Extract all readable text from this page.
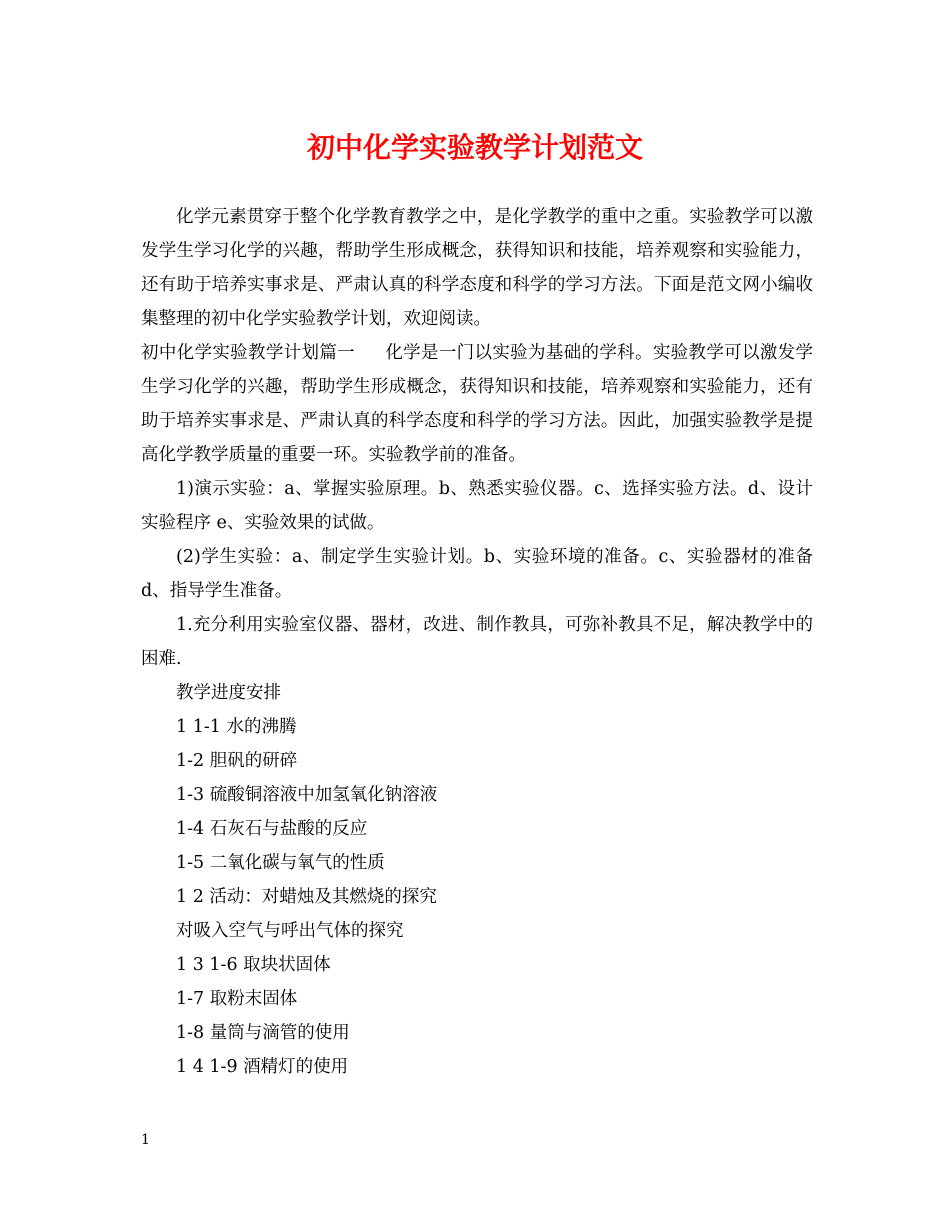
初中化学实验教学计划范文

化学元素贯穿于整个化学教育教学之中，是化学教学的重中之重。实验教学可以激发学生学习化学的兴趣，帮助学生形成概念，获得知识和技能，培养观察和实验能力，还有助于培养实事求是、严肃认真的科学态度和科学的学习方法。下面是范文网小编收集整理的初中化学实验教学计划，欢迎阅读。

初中化学实验教学计划篇一 化学是一门以实验为基础的学科。实验教学可以激发学生学习化学的兴趣，帮助学生形成概念，获得知识和技能，培养观察和实验能力，还有助于培养实事求是、严肃认真的科学态度和科学的学习方法。因此，加强实验教学是提高化学教学质量的重要一环。实验教学前的准备。

1)演示实验：a、掌握实验原理。b、熟悉实验仪器。c、选择实验方法。d、设计实验程序 e、实验效果的试做。

(2)学生实验：a、制定学生实验计划。b、实验环境的准备。c、实验器材的准备 d、指导学生准备。

1.充分利用实验室仪器、器材，改进、制作教具，可弥补教具不足，解决教学中的困难.

教学进度安排

1 1-1 水的沸腾

1-2 胆矾的研碎

1-3 硫酸铜溶液中加氢氧化钠溶液

1-4 石灰石与盐酸的反应

1-5 二氧化碳与氧气的性质

1 2 活动：对蜡烛及其燃烧的探究

对吸入空气与呼出气体的探究

1 3 1-6 取块状固体

1-7 取粉末固体

1-8 量筒与滴管的使用

1 4 1-9 酒精灯的使用

1
